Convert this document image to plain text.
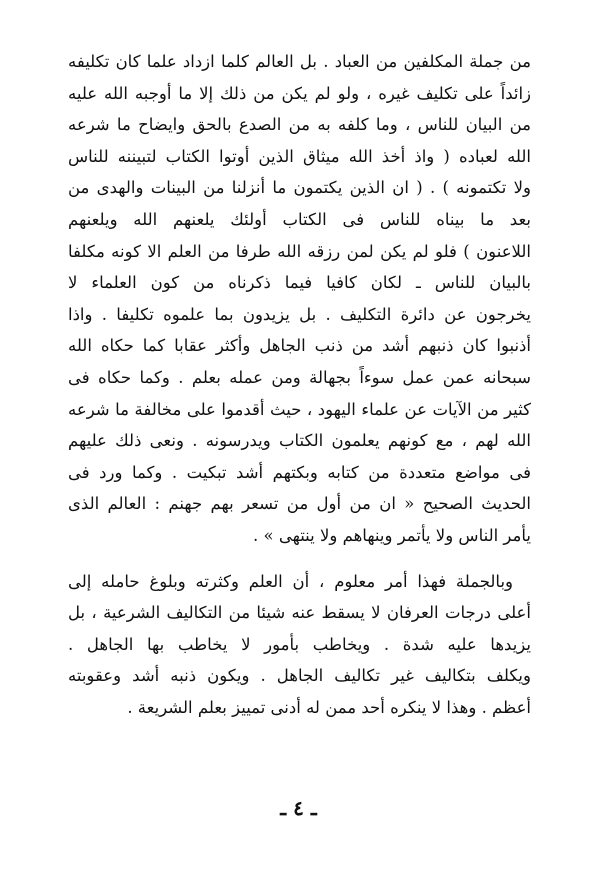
من جملة المكلفين من العباد . بل العالم كلما ازداد علما كان تكليفه
زائداً على تكليف غيره ، ولو لم يكن من ذلك إلا ما أوجبه الله عليه
من البيان للناس ، وما كلفه به من الصدع بالحق وايضاح ما شرعه
الله لعباده ( واذ أخذ الله ميثاق الذين أوتوا الكتاب لتبيننه للناس
ولا تكتمونه ) . ( ان الذين يكتمون ما أنزلنا من البينات والهدى من
بعد ما بيناه للناس فى الكتاب أولئك يلعنهم الله ويلعنهم
اللاعنون ) فلو لم يكن لمن رزقه الله طرفا من العلم الا كونه مكلفا
بالبيان للناس ـ لكان كافيا فيما ذكرناه من كون العلماء لا
يخرجون عن دائرة التكليف . بل يزيدون بما علموه تكليفا . واذا
أذنبوا كان ذنبهم أشد من ذنب الجاهل وأكثر عقابا كما حكاه الله
سبحانه عمن عمل سوءاً بجهالة ومن عمله بعلم . وكما حكاه فى
كثير من الآيات عن علماء اليهود ، حيث أقدموا على مخالفة ما شرعه
الله لهم ، مع كونهم يعلمون الكتاب ويدرسونه . ونعى ذلك عليهم
فى مواضع متعددة من كتابه وبكتهم أشد تبكيت . وكما ورد فى
الحديث الصحيح « ان من أول من تسعر بهم جهنم : العالم الذى
يأمر الناس ولا يأتمر وينهاهم ولا ينتهى » .
وبالجملة فهذا أمر معلوم ، أن العلم وكثرته وبلوغ حامله إلى
أعلى درجات العرفان لا يسقط عنه شيئا من التكاليف الشرعية ، بل
يزيدها عليه شدة . ويخاطب بأمور لا يخاطب بها الجاهل .
ويكلف بتكاليف غير تكاليف الجاهل . ويكون ذنبه أشد وعقوبته
أعظم . وهذا لا ينكره أحد ممن له أدنى تمييز بعلم الشريعة .
ـ ٤ ـ
